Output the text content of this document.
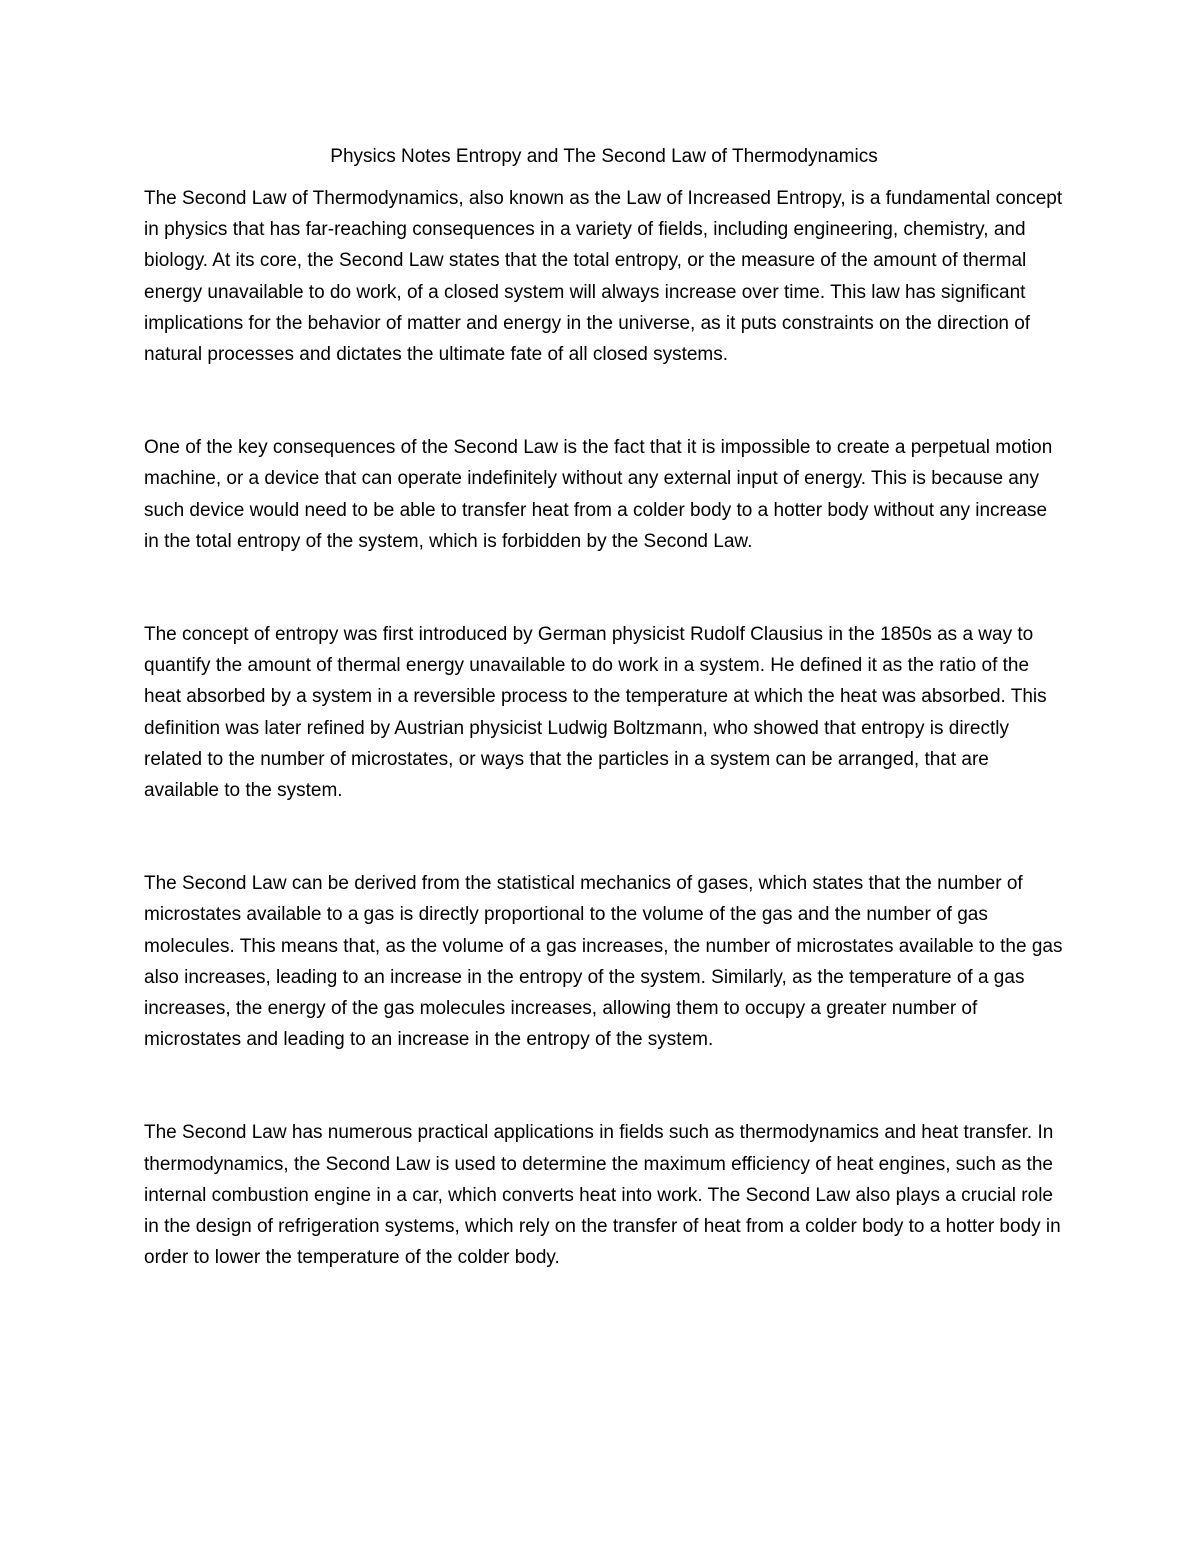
Physics Notes Entropy and The Second Law of Thermodynamics

The Second Law of Thermodynamics, also known as the Law of Increased Entropy, is a fundamental concept in physics that has far-reaching consequences in a variety of fields, including engineering, chemistry, and biology. At its core, the Second Law states that the total entropy, or the measure of the amount of thermal energy unavailable to do work, of a closed system will always increase over time. This law has significant implications for the behavior of matter and energy in the universe, as it puts constraints on the direction of natural processes and dictates the ultimate fate of all closed systems.

One of the key consequences of the Second Law is the fact that it is impossible to create a perpetual motion machine, or a device that can operate indefinitely without any external input of energy. This is because any such device would need to be able to transfer heat from a colder body to a hotter body without any increase in the total entropy of the system, which is forbidden by the Second Law.

The concept of entropy was first introduced by German physicist Rudolf Clausius in the 1850s as a way to quantify the amount of thermal energy unavailable to do work in a system. He defined it as the ratio of the heat absorbed by a system in a reversible process to the temperature at which the heat was absorbed. This definition was later refined by Austrian physicist Ludwig Boltzmann, who showed that entropy is directly related to the number of microstates, or ways that the particles in a system can be arranged, that are available to the system.

The Second Law can be derived from the statistical mechanics of gases, which states that the number of microstates available to a gas is directly proportional to the volume of the gas and the number of gas molecules. This means that, as the volume of a gas increases, the number of microstates available to the gas also increases, leading to an increase in the entropy of the system. Similarly, as the temperature of a gas increases, the energy of the gas molecules increases, allowing them to occupy a greater number of microstates and leading to an increase in the entropy of the system.

The Second Law has numerous practical applications in fields such as thermodynamics and heat transfer. In thermodynamics, the Second Law is used to determine the maximum efficiency of heat engines, such as the internal combustion engine in a car, which converts heat into work. The Second Law also plays a crucial role in the design of refrigeration systems, which rely on the transfer of heat from a colder body to a hotter body in order to lower the temperature of the colder body.
